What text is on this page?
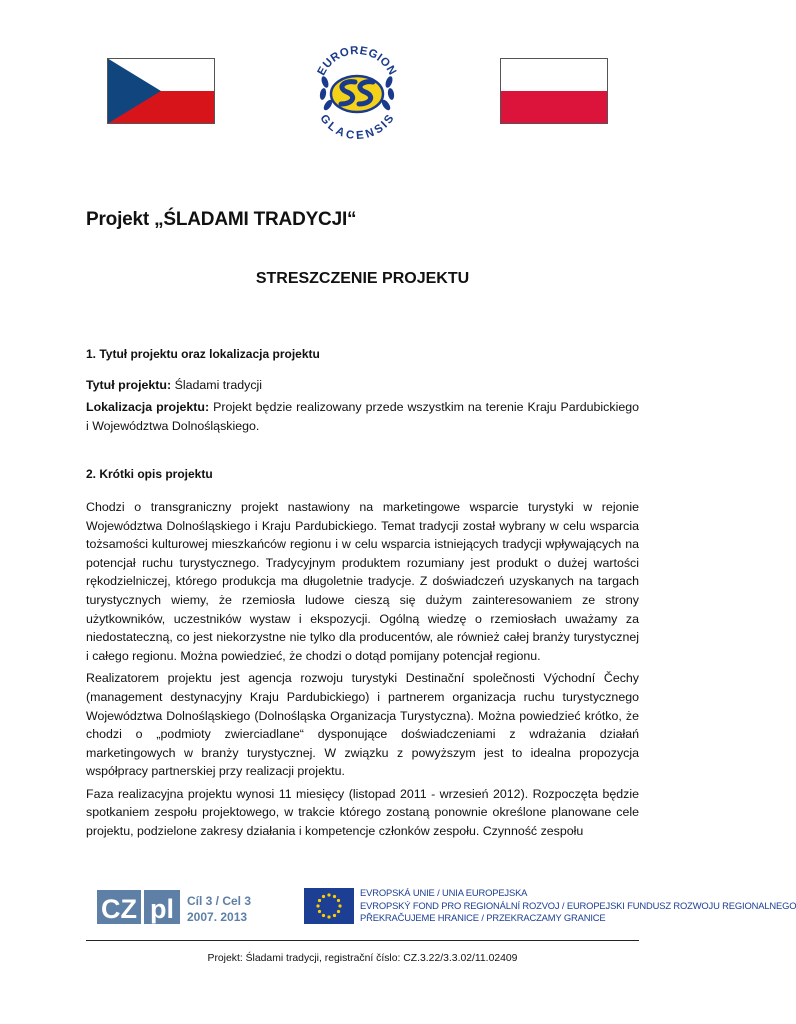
EUROREGION
GLACENSIS
Projekt „ŚLADAMI TRADYCJI“
STRESZCZENIE PROJEKTU

1. Tytuł projektu oraz lokalizacja projektu

Tytuł projektu: Śladami tradycji

Lokalizacja projektu: Projekt będzie realizowany przede wszystkim na terenie Kraju Pardubickiego i Województwa Dolnośląskiego.

2. Krótki opis projektu

Chodzi o transgraniczny projekt nastawiony na marketingowe wsparcie turystyki w rejonie Województwa Dolnośląskiego i Kraju Pardubickiego. Temat tradycji został wybrany w celu wsparcia tożsamości kulturowej mieszkańców regionu i w celu wsparcia istniejących tradycji wpływających na potencjał ruchu turystycznego. Tradycyjnym produktem rozumiany jest produkt o dużej wartości rękodzielniczej, którego produkcja ma długoletnie tradycje. Z doświadczeń uzyskanych na targach turystycznych wiemy, że rzemiosła ludowe cieszą się dużym zainteresowaniem ze strony użytkowników, uczestników wystaw i ekspozycji. Ogólną wiedzę o rzemiosłach uważamy za niedostateczną, co jest niekorzystne nie tylko dla producentów, ale również całej branży turystycznej i całego regionu. Można powiedzieć, że chodzi o dotąd pomijany potencjał regionu.

Realizatorem projektu jest agencja rozwoju turystyki Destinační společnosti Východní Čechy (management destynacyjny Kraju Pardubickiego) i partnerem organizacja ruchu turystycznego Województwa Dolnośląskiego (Dolnośląska Organizacja Turystyczna). Można powiedzieć krótko, że chodzi o „podmioty zwierciadlane“ dysponujące doświadczeniami z wdrażania działań marketingowych w branży turystycznej. W związku z powyższym jest to idealna propozycja współpracy partnerskiej przy realizacji projektu.

Faza realizacyjna projektu wynosi 11 miesięcy (listopad 2011 - wrzesień 2012). Rozpoczęta będzie spotkaniem zespołu projektowego, w trakcie którego zostaną ponownie określone planowane cele projektu, podzielone zakresy działania i kompetencje członków zespołu. Czynność zespołu

CZ pl Cíl 3 / Cel 3
2007. 2013
EVROPSKÁ UNIE / UNIA EUROPEJSKA
EVROPSKÝ FOND PRO REGIONÁLNÍ ROZVOJ / EUROPEJSKI FUNDUSZ ROZWOJU REGIONALNEGO
PŘEKRAČUJEME HRANICE / PRZEKRACZAMY GRANICE
Projekt: Śladami tradycji, registrační číslo: CZ.3.22/3.3.02/11.02409
